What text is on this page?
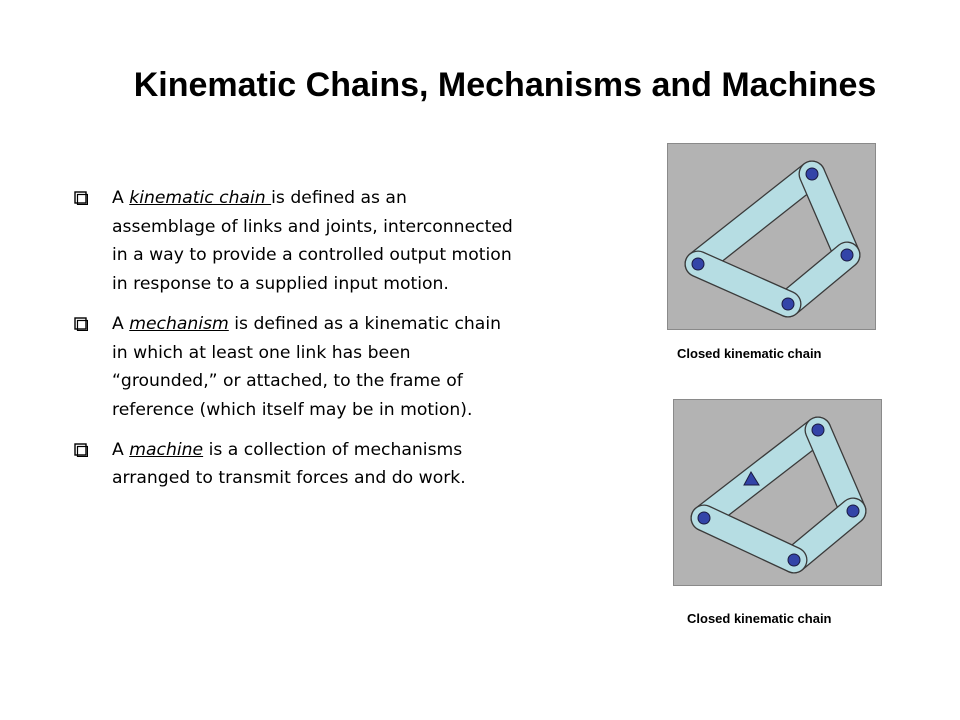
Kinematic Chains, Mechanisms and Machines
A kinematic chain is defined as an assemblage of links and joints, interconnected in a way to provide a controlled output motion in response to a supplied input motion.
A mechanism is defined as a kinematic chain in which at least one link has been “grounded,” or attached, to the frame of reference (which itself may be in motion).
A machine is a collection of mechanisms arranged to transmit forces and do work.
Closed kinematic chain
Closed kinematic chain
